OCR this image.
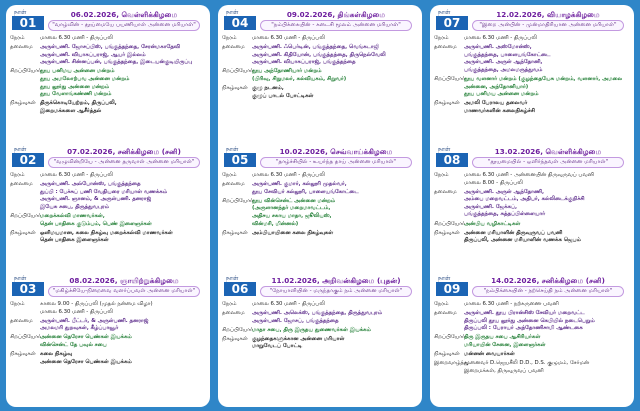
நாள்
01
06.02.2026, வெள்ளிக்கிழமை
"வாழ்வின் - தூய்மையே பயணியாள் அன்னை மரியாள்"
நேரம்	மாலை 6.30 மணி - திருப்பலி
தலைமை	அருள்பணி. ஜோசப்பிஸ், பங்குத்தந்தை, சேரன்மகாதேவி
அருள்பணி. வியாகப்பராஜ், ஆயர் இல்லம்
அருள்பணி. சின்னப்பன், பங்குத்தந்தை, இடையன்குடியிருப்பு
சிறப்பியோர் தூய பனிமய அன்னை மன்றம்
தூய அமலோற்பவ அன்னை மன்றம்
தூய லூர்து அன்னை மன்றம்
தூய வேளாங்கண்ணி மன்றம்
நிகழ்வுகள் திருக்கொடியேற்றம், திருப்பலி,
இறைமக்களை ஆசீர்த்தல்
நாள்
02
07.02.2026, சனிக்கிழமை (சனி)
"வழுவின்றியே - அன்னை தருவாள் அன்னை மரியாள்"
நேரம்	மாலை 6.30 மணி - திருப்பலி
தலைமை	அருள்பணி. அல்போன்ஸ், பங்குத்தந்தை
துப்பி : பேச்சுப் பணி வேதியரை மரியாள் வணக்கம்
அருள்பணி. ஞானம், & அருள்பணி. தனராஜ்
இயேசு சபை, திருத்துவபுரம்
சிறப்பியோர் மறைக்கல்வி மாணவர்கள்,
தென் பாதிகை குடும்பம், பெண் இளைஞர்கள்
நிகழ்வுகள் ஒளிமயமான, கலை நிகழ்வு மறைக்கல்வி மாணவர்கள்
தென் பாதிகை இளைஞர்கள்
நாள்
03
08.02.2026, ஞாயிற்றுக்கிழமை
"மகிழ்ச்சியே-நிறைவை வளர்ப்பவள் அன்னை மரியாள்"
நேரம்	காலை 9.00 - திருப்பலி (முதல் நன்மை விழா)
மாலை 6.30 மணி - திருப்பலி
தலைமை	அருள்பணி. பீட்டர், & அருள்பணி. தனராஜ்
அமலமரி துறவுகள், கீழ்ப்பாவூர்
சிறப்பியோர் அன்னை தெரேசா பெண்கள் இயக்கம்
வின்சென்ட் தே பவுல் சபை
நிகழ்வுகள் கலை நிகழ்வு
அன்னை தெரேசா பெண்கள் இயக்கம்
நாள்
04
09.02.2026, திங்கள்கிழமை
"நம்பிக்கையின் - கடைசி மூலம் அன்னை மரியாள்"
நேரம்	மாலை 6.30 மணி - திருப்பலி
தலைமை	அருள்பணி. ஃபெர்டின், பங்குத்தந்தை, வெங்கடாஜி
அருள்பணி. கிதியோன், பங்குத்தந்தை, திருநெல்வேலி
அருள்பணி. வியாகப்பராஜ், பங்குத்தந்தை
சிறப்பியோர் தூய அந்தோணியார் மன்றம்
(பிரிவு, சிறுமலர், கல்வியகம், சிறுவர்)
நிகழ்வுகள் குழு நடனம்,
குழுப் பாடல் போட்டிகள்
நாள்
05
10.02.2026, செவ்வாய்க்கிழமை
"தாழ்ச்சியில் - உயர்ந்த தாய் அன்னை மரியாள்"
நேரம்	மாலை 6.30 மணி - திருப்பலி
தலைமை	அருள்பணி. குமார், கல்லூரி முதல்வர்,
தூய சேவியர் கல்லூரி, பாளையங்கோட்டை
சிறப்பியோர் தூய வின்சென்ட் அன்னை மன்றம்
(அருளானந்தர் மறைமாவட்டம்,
அதிசய சகாய மாதா, ஜூலியஸ்,
வின்மரி, மின்னல்)
நிகழ்வுகள் அம்பியாயினை கலை நிகழ்வுகள்
நாள்
06
11.02.2026, அறிவன்கிழமை (புதன்)
"நோயாளியின் - மருந்தாகும் நம் அன்னை மரியாள்"
நேரம்	மாலை 6.30 மணி - திருப்பலி
தலைமை	அருள்பணி. அலெக்ஸ், பங்குத்தந்தை, திருத்துவபுரம்
அருள்பணி. ஜோசப், பங்குத்தந்தை
சிறப்பியோர் மாதா சபை, திரு இருதய துணைவர்கள் இயக்கம்
நிகழ்வுகள் குழந்தைகளுக்கான அன்னை மரியாள்
மாறுவேடப் போட்டி
நாள்
07
12.02.2026, வியாழக்கிழமை
"இறை அன்பின் - முன்மாதிரியான அன்னை மரியாள்"
நேரம்	மாலை 6.30 மணி - திருப்பலி
தலைமை	அருள்பணி. அஸ்மோன்ஸ்,
பங்குத்தந்தை, பாளையங்கோட்டை
அருள்பணி. அருள் ஆந்தோனி,
பங்குத்தந்தை, அமலமருத்துவம்
சிறப்பியோர் தூய வளனார் மன்றம் (குழந்தையேசு மன்றம், வளனார், அமலை அன்னை, அந்தோனியார்)
தூய பனிமய அன்னை மன்றம்
நிகழ்வுகள் அமலி பேராலய தலைவர்
மாணவர்களின் கலைநிகழ்ச்சி
நாள்
08
13.02.2026, வெள்ளிக்கிழமை
"தூயமையில் - ஒளிர்ந்தவள் அன்னை மரியாள்"
நேரம்	மாலை 6.30 மணி - அன்னையின் திருவுருவப் பவனி
மாலை 8.00 - திருப்பலி
தலைமை	அருள்பணி. அருள் ஆந்தோணி,
அம்பை மறைவட்டம், அதிபர், கல்லிடைக்குறிச்சி
அருள்பணி. ஜேக்கப்,
பங்குத்தந்தை, சுத்தப்பிள்ளையார்
சிறப்பியோர் அன்பிய வழிகாட்டிகள்
நிகழ்வுகள் அன்னை மரியாளின் திருவுருவப் பவனி
திருப்பலி, அன்னை மரியாளின் வணக்க ஜெபம்
நாள்
09
14.02.2026, சனிக்கிழமை (சனி)
"நம்பிக்கையின் - நற்செய்தி நம் அன்னை மரியாள்"
நேரம்	மாலை 6.30 மணி - நற்கருணை பவனி
தலைமை	அருள்பணி. தூய பிரான்சிஸ் சேவியர் மறைவட்ட
திருப்பலி தூய லூர்து அன்னை கெபியில் நடைபெறும்
திருப்பலி : பேராயர் அந்தோணிசாமி ஆண்டகை
சிறப்பியோர் திரு இருதய சபை ஆசிரியர்கள்
மரியாயின் சேனை, இளைஞர்கள்
நிகழ்வுகள் மன்னன் வையார்கள்
இறைவாழ்த்து
முனைவர் D.ஜெயசீலி D.D., D.S. குழுமம், சேர்மன்
இறைமக்கள், திருவுருவப் பவனி
